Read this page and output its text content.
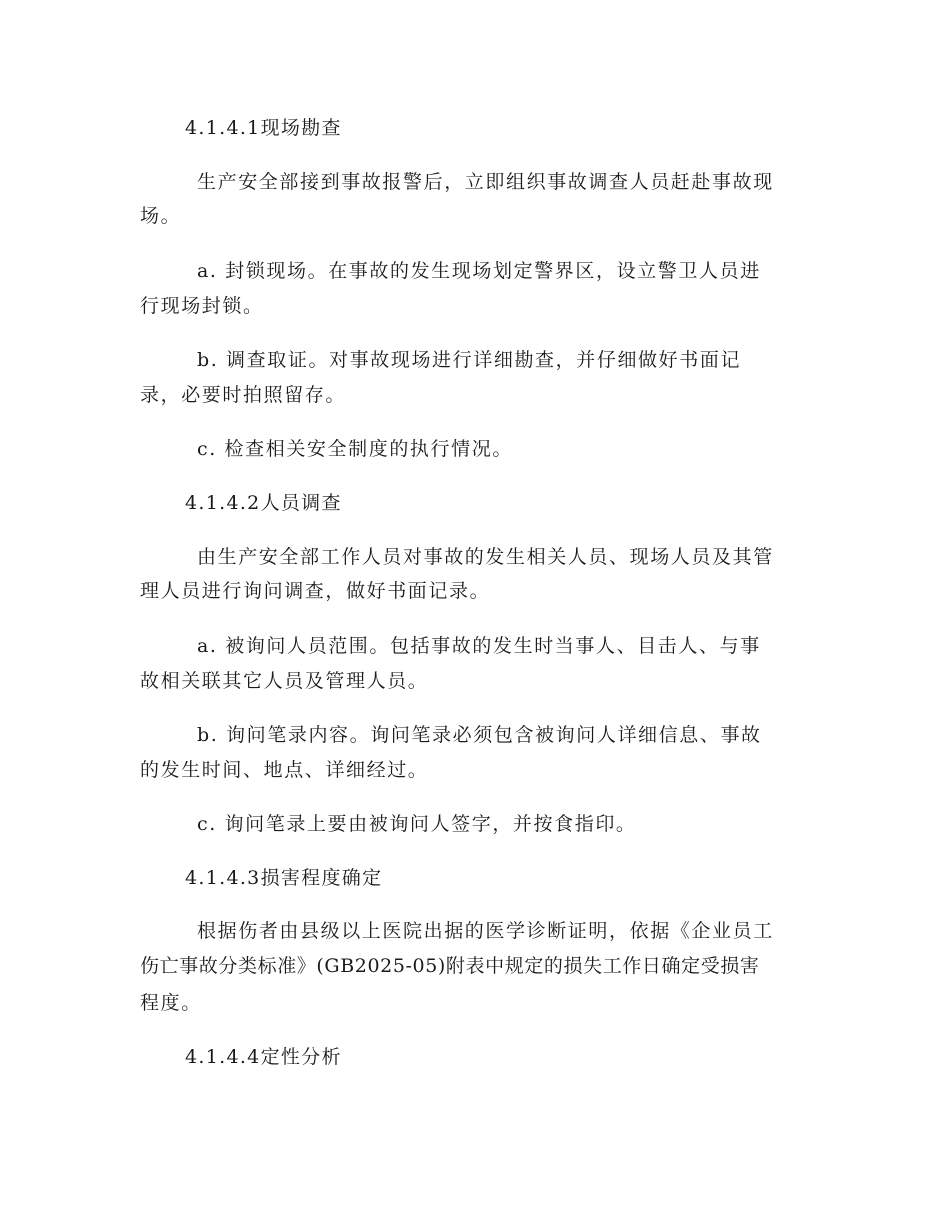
4.1.4.1现场勘查
生产安全部接到事故报警后，立即组织事故调查人员赶赴事故现
场。
a. 封锁现场。在事故的发生现场划定警界区，设立警卫人员进
行现场封锁。
b. 调查取证。对事故现场进行详细勘查，并仔细做好书面记
录，必要时拍照留存。
c. 检查相关安全制度的执行情况。
4.1.4.2人员调查
由生产安全部工作人员对事故的发生相关人员、现场人员及其管
理人员进行询问调查，做好书面记录。
a. 被询问人员范围。包括事故的发生时当事人、目击人、与事
故相关联其它人员及管理人员。
b. 询问笔录内容。询问笔录必须包含被询问人详细信息、事故
的发生时间、地点、详细经过。
c. 询问笔录上要由被询问人签字，并按食指印。
4.1.4.3损害程度确定
根据伤者由县级以上医院出据的医学诊断证明，依据《企业员工
伤亡事故分类标准》(GB2025-05)附表中规定的损失工作日确定受损害
程度。
4.1.4.4定性分析
